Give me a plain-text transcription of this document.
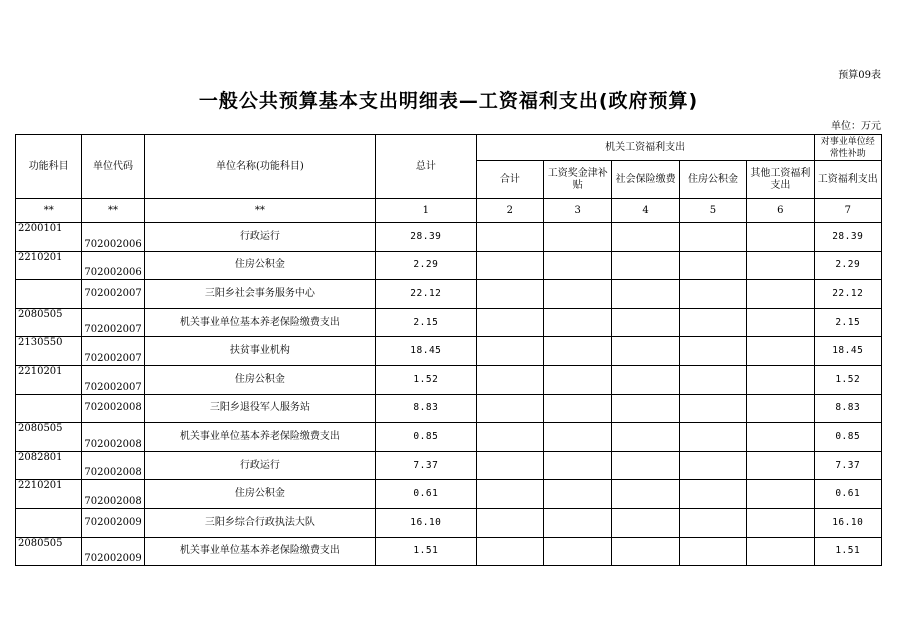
预算09表
一般公共预算基本支出明细表—工资福利支出(政府预算)
单位：万元
功能科目	单位代码	单位名称(功能科目)	总计	机关工资福利支出					对事业单位经常性补助
				合计	工资奖金津补贴	社会保险缴费	住房公积金	其他工资福利支出	工资福利支出
**	**	**	1	2	3	4	5	6	7
2200101	702002006	行政运行	28.39						28.39
2210201	702002006	住房公积金	2.29						2.29
	702002007	三阳乡社会事务服务中心	22.12						22.12
2080505	702002007	机关事业单位基本养老保险缴费支出	2.15						2.15
2130550	702002007	扶贫事业机构	18.45						18.45
2210201	702002007	住房公积金	1.52						1.52
	702002008	三阳乡退役军人服务站	8.83						8.83
2080505	702002008	机关事业单位基本养老保险缴费支出	0.85						0.85
2082801	702002008	行政运行	7.37						7.37
2210201	702002008	住房公积金	0.61						0.61
	702002009	三阳乡综合行政执法大队	16.10						16.10
2080505	702002009	机关事业单位基本养老保险缴费支出	1.51						1.51
